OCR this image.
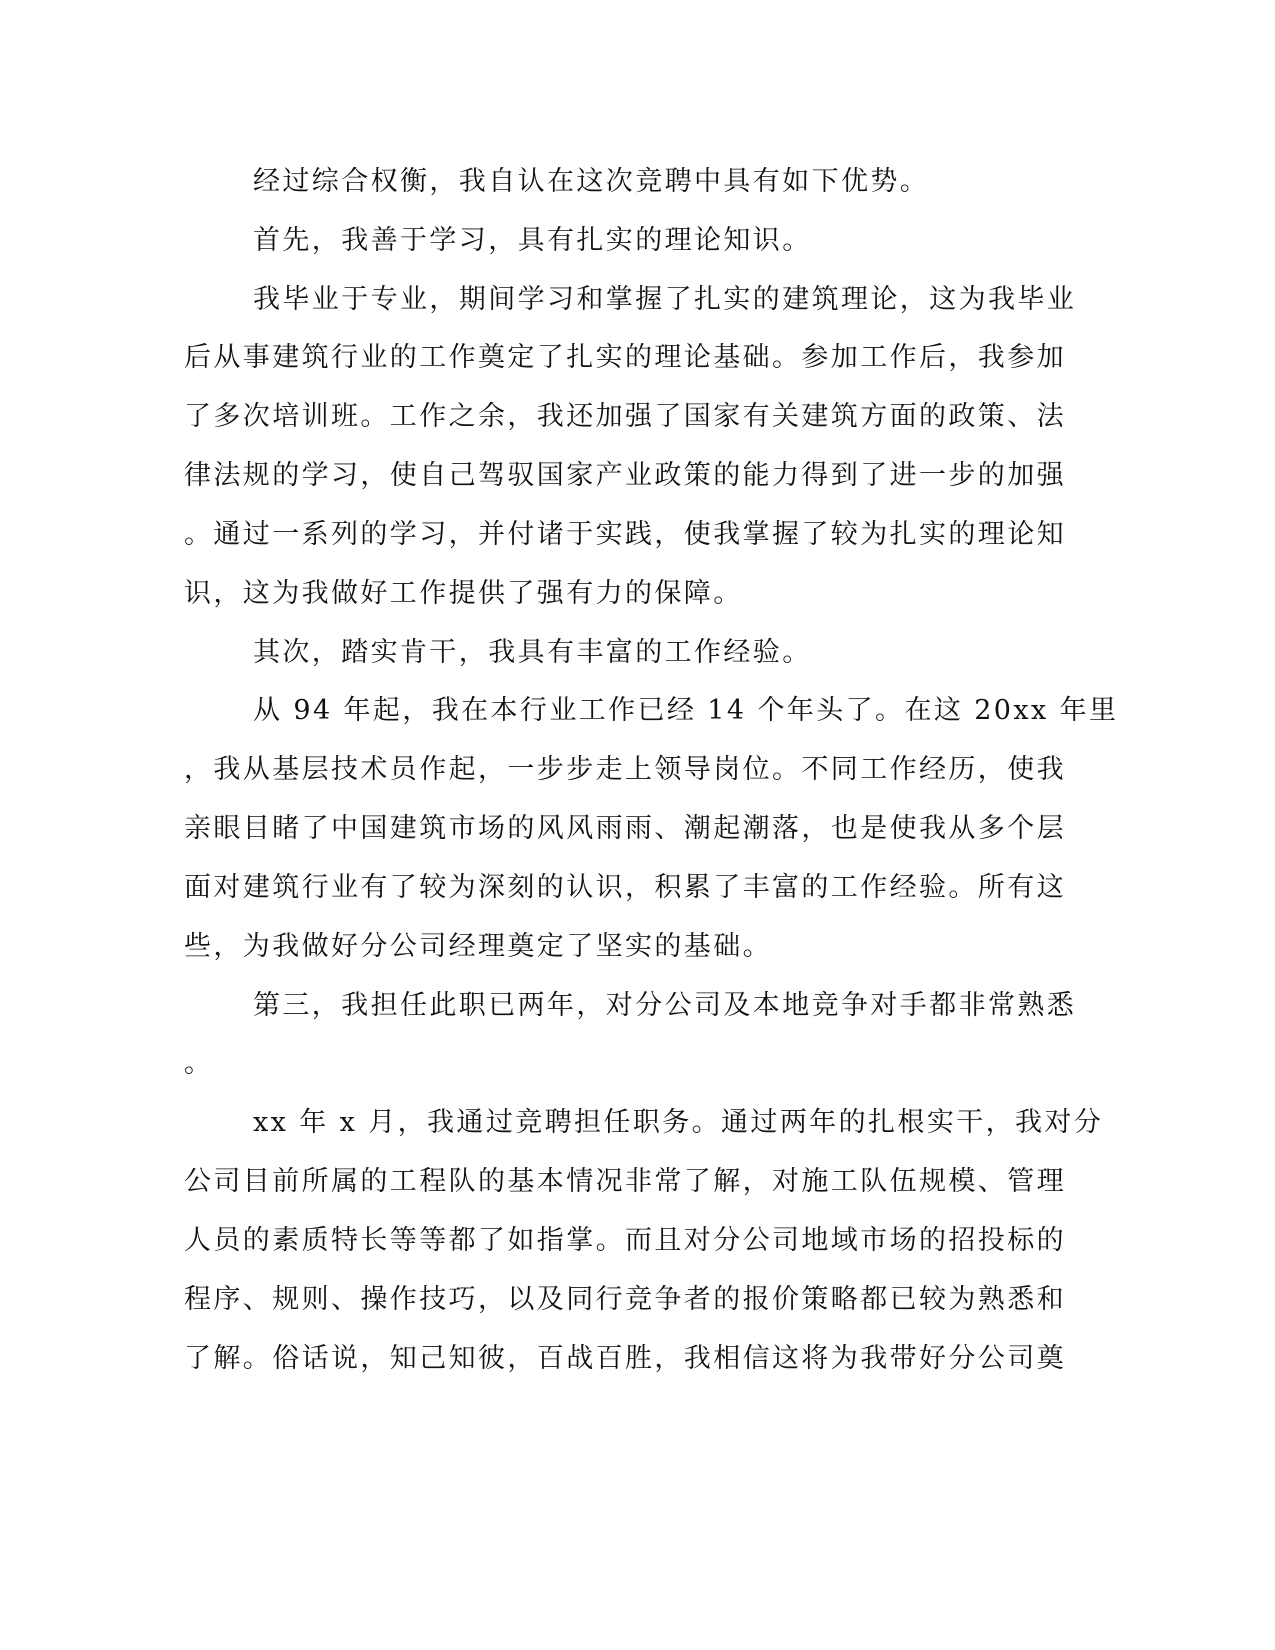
经过综合权衡，我自认在这次竞聘中具有如下优势。

首先，我善于学习，具有扎实的理论知识。

我毕业于专业，期间学习和掌握了扎实的建筑理论，这为我毕业

后从事建筑行业的工作奠定了扎实的理论基础。参加工作后，我参加

了多次培训班。工作之余，我还加强了国家有关建筑方面的政策、法

律法规的学习，使自己驾驭国家产业政策的能力得到了进一步的加强

。通过一系列的学习，并付诸于实践，使我掌握了较为扎实的理论知

识，这为我做好工作提供了强有力的保障。

其次，踏实肯干，我具有丰富的工作经验。

从 94 年起，我在本行业工作已经 14 个年头了。在这 20xx 年里

，我从基层技术员作起，一步步走上领导岗位。不同工作经历，使我

亲眼目睹了中国建筑市场的风风雨雨、潮起潮落，也是使我从多个层

面对建筑行业有了较为深刻的认识，积累了丰富的工作经验。所有这

些，为我做好分公司经理奠定了坚实的基础。

第三，我担任此职已两年，对分公司及本地竞争对手都非常熟悉

。

xx 年 x 月，我通过竞聘担任职务。通过两年的扎根实干，我对分

公司目前所属的工程队的基本情况非常了解，对施工队伍规模、管理

人员的素质特长等等都了如指掌。而且对分公司地域市场的招投标的

程序、规则、操作技巧，以及同行竞争者的报价策略都已较为熟悉和

了解。俗话说，知己知彼，百战百胜，我相信这将为我带好分公司奠
